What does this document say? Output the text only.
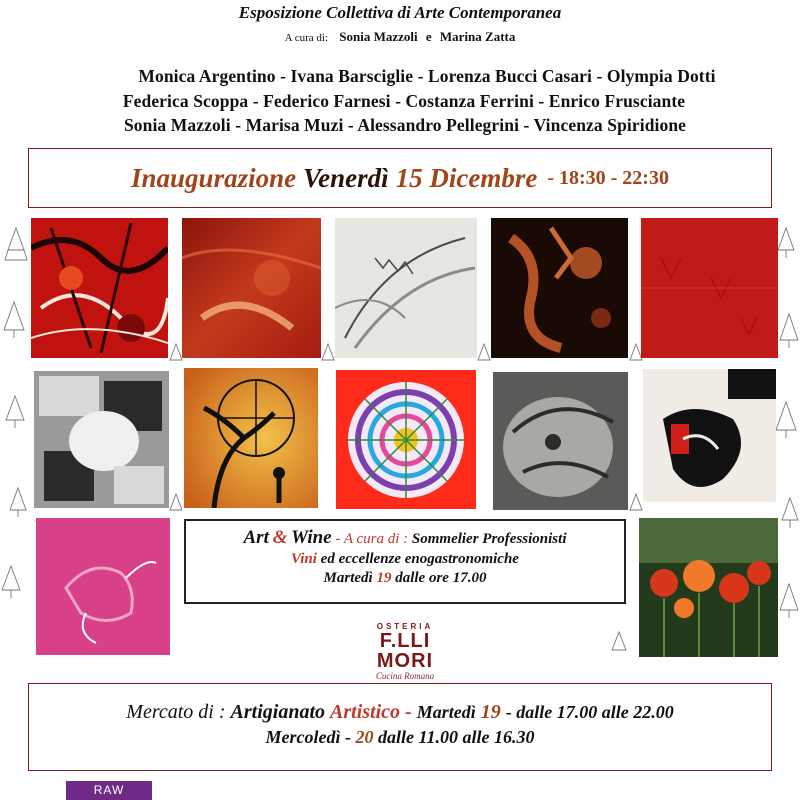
Esposizione Collettiva di Arte Contemporanea
A cura di: Sonia Mazzoli e Marina Zatta
Monica Argentino - Ivana Barsciglie - Lorenza Bucci Casari - Olympia Dotti
Federica Scoppa - Federico Farnesi - Costanza Ferrini - Enrico Frusciante
Sonia Mazzoli - Marisa Muzi - Alessandro Pellegrini - Vincenza Spiridione
Inaugurazione Venerdì 15 Dicembre - 18:30 - 22:30
Art & Wine - A cura di : Sommelier Professionisti
Vini ed eccellenze enogastronomiche
Martedì 19 dalle ore 17.00
OSTERIA
F.LLI MORI
Cucina Romana
Mercato di : Artigianato Artistico - Martedì 19 - dalle 17.00 alle 22.00
Mercoledì - 20 dalle 11.00 alle 16.30
RAW
